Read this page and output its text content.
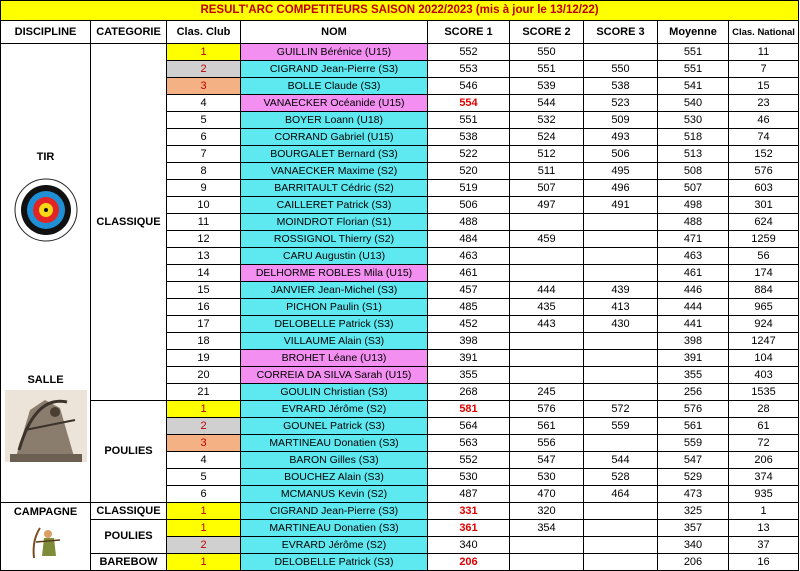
RESULT'ARC COMPETITEURS SAISON 2022/2023 (mis à jour le 13/12/22)								
DISCIPLINE	CATEGORIE	Clas. Club	NOM	SCORE 1	SCORE 2	SCORE 3	Moyenne	Clas. National

TIR
SALLE	CLASSIQUE	1	GUILLIN Bérénice (U15)	552	550		551	11
		2	CIGRAND Jean-Pierre (S3)	553	551	550	551	7
		3	BOLLE Claude (S3)	546	539	538	541	15
		4	VANAECKER Océanide (U15)	554	544	523	540	23
		5	BOYER Loann (U18)	551	532	509	530	46
		6	CORRAND Gabriel (U15)	538	524	493	518	74
		7	BOURGALET Bernard (S3)	522	512	506	513	152
		8	VANAECKER Maxime (S2)	520	511	495	508	576
		9	BARRITAULT Cédric (S2)	519	507	496	507	603
		10	CAILLERET Patrick (S3)	506	497	491	498	301
		11	MOINDROT Florian (S1)	488			488	624
		12	ROSSIGNOL Thierry (S2)	484	459		471	1259
		13	CARU Augustin (U13)	463			463	56
		14	DELHORME ROBLES Mila (U15)	461			461	174
		15	JANVIER Jean-Michel (S3)	457	444	439	446	884
		16	PICHON Paulin (S1)	485	435	413	444	965
		17	DELOBELLE Patrick (S3)	452	443	430	441	924
		18	VILLAUME Alain (S3)	398			398	1247
		19	BROHET Léane (U13)	391			391	104
		20	CORREIA DA SILVA Sarah (U15)	355			355	403
		21	GOULIN Christian (S3)	268	245		256	1535
	POULIES	1	EVRARD Jérôme (S2)	581	576	572	576	28
		2	GOUNEL Patrick (S3)	564	561	559	561	61
		3	MARTINEAU Donatien (S3)	563	556		559	72
		4	BARON Gilles (S3)	552	547	544	547	206
		5	BOUCHEZ Alain (S3)	530	530	528	529	374
		6	MCMANUS Kevin (S2)	487	470	464	473	935

CAMPAGNE	CLASSIQUE	1	CIGRAND Jean-Pierre (S3)	331	320		325	1
	POULIES	1	MARTINEAU Donatien (S3)	361	354		357	13
		2	EVRARD Jérôme (S2)	340			340	37
	BAREBOW	1	DELOBELLE Patrick (S3)	206			206	16
